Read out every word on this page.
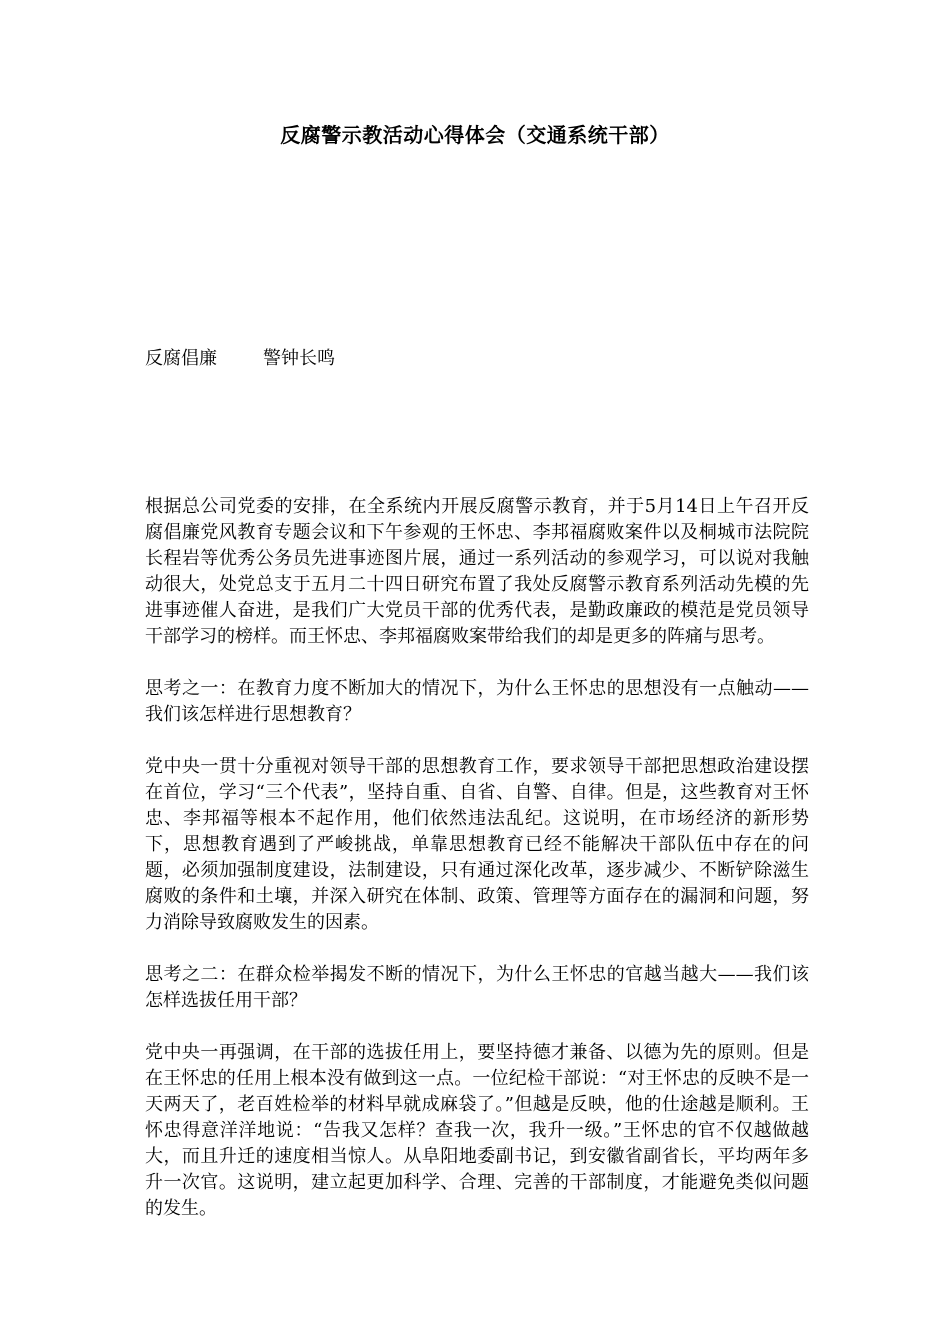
反腐警示教活动心得体会（交通系统干部）
反腐倡廉	警钟长鸣

根据总公司党委的安排，在全系统内开展反腐警示教育，并于5月14日上午召开反腐倡廉党风教育专题会议和下午参观的王怀忠、李邦福腐败案件以及桐城市法院院长程岩等优秀公务员先进事迹图片展，通过一系列活动的参观学习，可以说对我触动很大，处党总支于五月二十四日研究布置了我处反腐警示教育系列活动先模的先进事迹催人奋进，是我们广大党员干部的优秀代表，是勤政廉政的模范是党员领导干部学习的榜样。而王怀忠、李邦福腐败案带给我们的却是更多的阵痛与思考。

思考之一：在教育力度不断加大的情况下，为什么王怀忠的思想没有一点触动——我们该怎样进行思想教育？

党中央一贯十分重视对领导干部的思想教育工作，要求领导干部把思想政治建设摆在首位，学习“三个代表”，坚持自重、自省、自警、自律。但是，这些教育对王怀忠、李邦福等根本不起作用，他们依然违法乱纪。这说明，在市场经济的新形势下，思想教育遇到了严峻挑战，单靠思想教育已经不能解决干部队伍中存在的问题，必须加强制度建设，法制建设，只有通过深化改革，逐步减少、不断铲除滋生腐败的条件和土壤，并深入研究在体制、政策、管理等方面存在的漏洞和问题，努力消除导致腐败发生的因素。

思考之二：在群众检举揭发不断的情况下，为什么王怀忠的官越当越大——我们该怎样选拔任用干部？

党中央一再强调，在干部的选拔任用上，要坚持德才兼备、以德为先的原则。但是在王怀忠的任用上根本没有做到这一点。一位纪检干部说：“对王怀忠的反映不是一天两天了，老百姓检举的材料早就成麻袋了。”但越是反映，他的仕途越是顺利。王怀忠得意洋洋地说：“告我又怎样？查我一次，我升一级。”王怀忠的官不仅越做越大，而且升迁的速度相当惊人。从阜阳地委副书记，到安徽省副省长，平均两年多升一次官。这说明，建立起更加科学、合理、完善的干部制度，才能避免类似问题的发生。
